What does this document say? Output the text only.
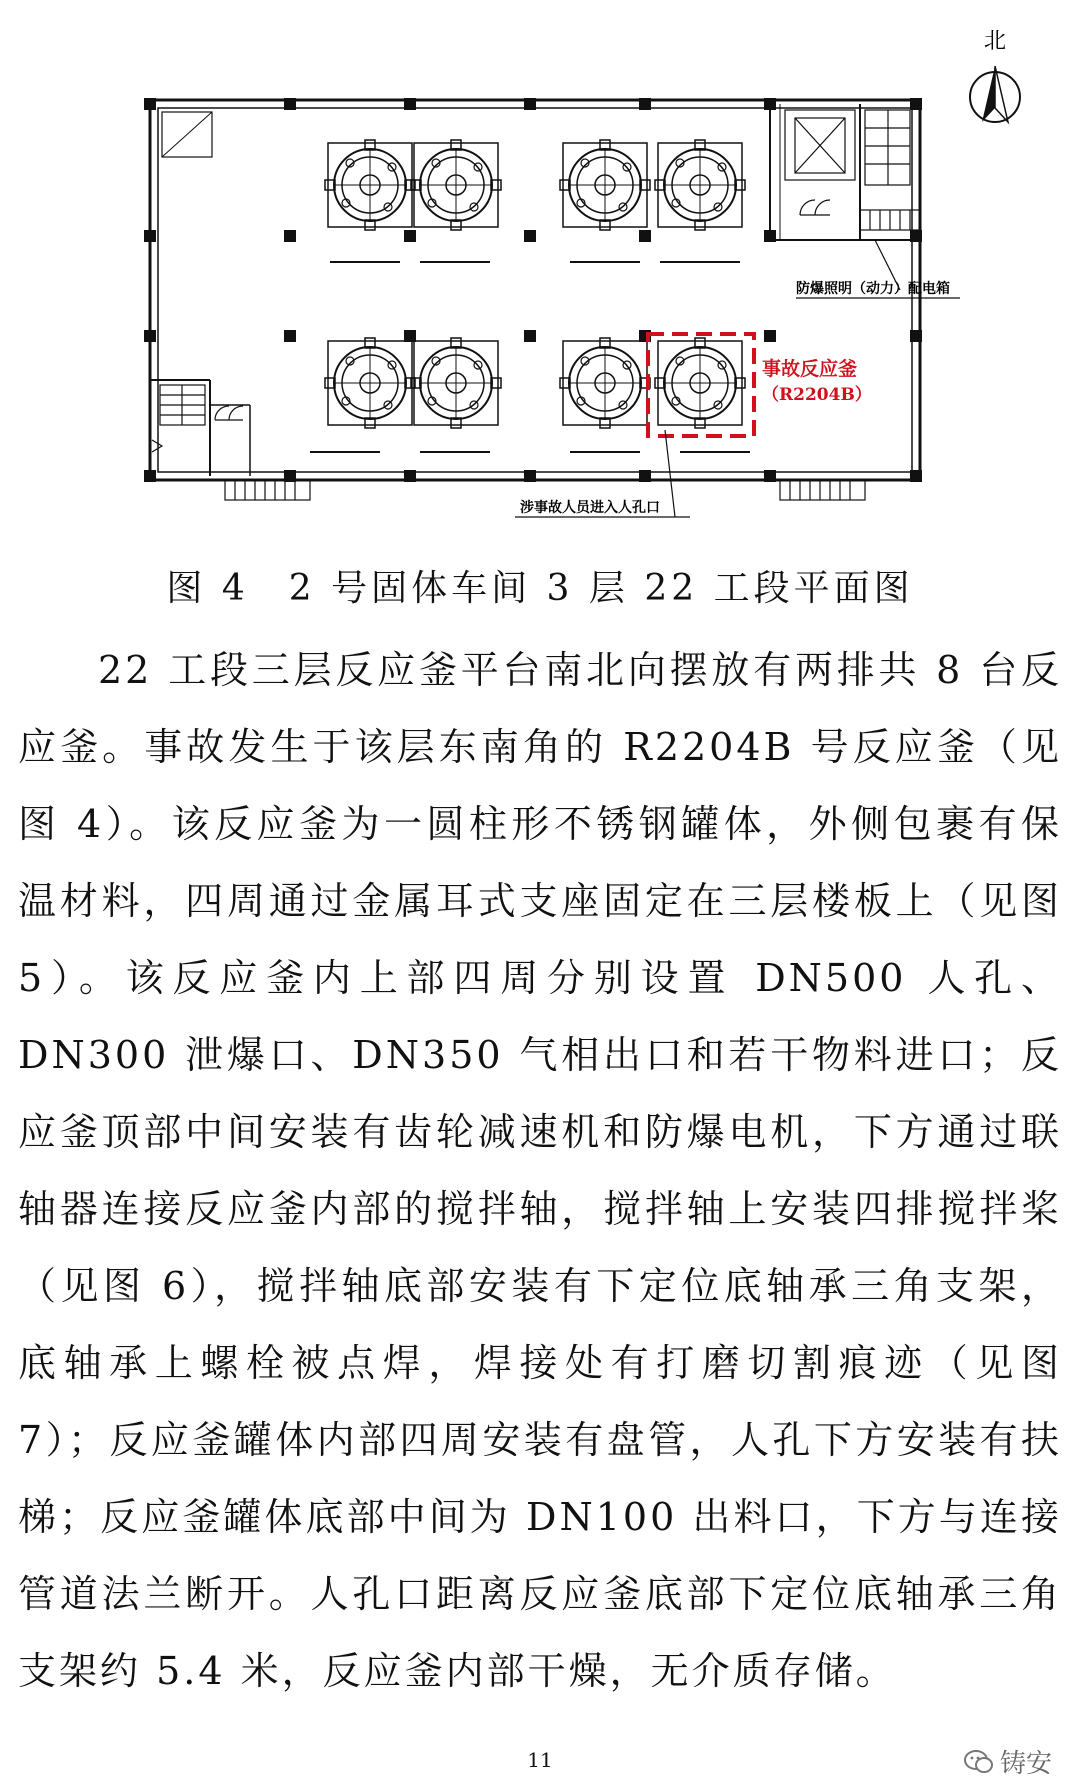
北
防爆照明（动力）配电箱
事故反应釜
（R2204B）
涉事故人员进入人孔口
图 4　2 号固体车间 3 层 22 工段平面图

22 工段三层反应釜平台南北向摆放有两排共 8 台反应釜。事故发生于该层东南角的 R2204B 号反应釜（见图 4）。该反应釜为一圆柱形不锈钢罐体，外侧包裹有保温材料，四周通过金属耳式支座固定在三层楼板上（见图 5）。该反应釜内上部四周分别设置 DN500 人孔、DN300 泄爆口、DN350 气相出口和若干物料进口；反应釜顶部中间安装有齿轮减速机和防爆电机，下方通过联轴器连接反应釜内部的搅拌轴，搅拌轴上安装四排搅拌桨（见图 6），搅拌轴底部安装有下定位底轴承三角支架，底轴承上螺栓被点焊，焊接处有打磨切割痕迹（见图 7）；反应釜罐体内部四周安装有盘管，人孔下方安装有扶梯；反应釜罐体底部中间为 DN100 出料口，下方与连接管道法兰断开。人孔口距离反应釜底部下定位底轴承三角支架约 5.4 米，反应釜内部干燥，无介质存储。

11	铸安
